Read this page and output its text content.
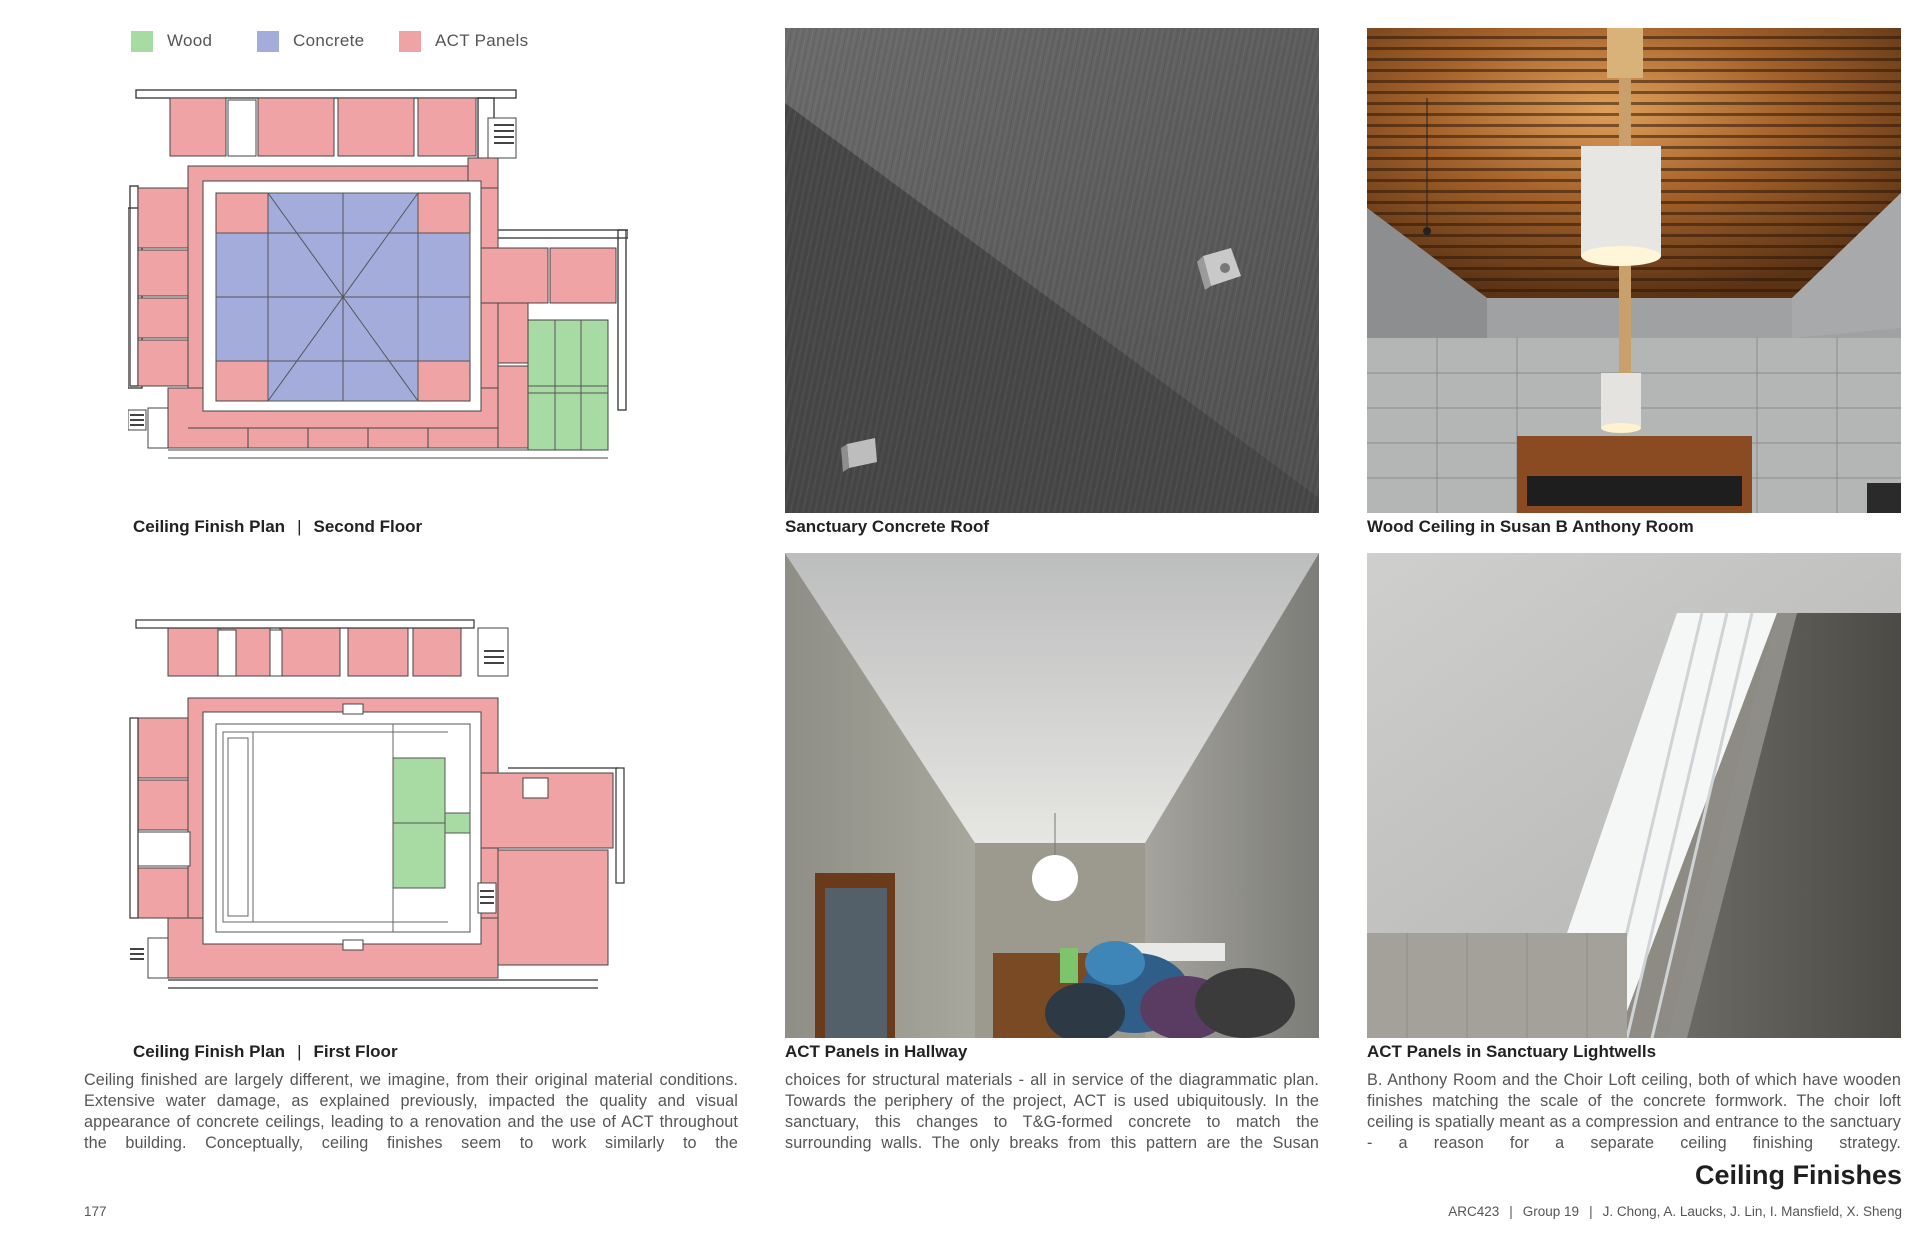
Wood	Concrete	ACT Panels
Ceiling Finish Plan | Second Floor
Ceiling Finish Plan | First Floor
Sanctuary Concrete Roof	Wood Ceiling in Susan B Anthony Room
ACT Panels in Hallway	ACT Panels in Sanctuary Lightwells

Ceiling finished are largely different, we imagine, from their original material conditions. Extensive water damage, as explained previously, impacted the quality and visual appearance of concrete ceilings, leading to a renovation and the use of ACT throughout the building. Conceptually, ceiling finishes seem to work similarly to the

choices for structural materials - all in service of the diagrammatic plan. Towards the periphery of the project, ACT is used ubiquitously. In the sanctuary, this changes to T&G-formed concrete to match the surrounding walls. The only breaks from this pattern are the Susan

B. Anthony Room and the Choir Loft ceiling, both of which have wooden finishes matching the scale of the concrete formwork. The choir loft ceiling is spatially meant as a compression and entrance to the sanctuary - a reason for a separate ceiling finishing strategy.

Ceiling Finishes
177	ARC423 | Group 19 | J. Chong, A. Laucks, J. Lin, I. Mansfield, X. Sheng
